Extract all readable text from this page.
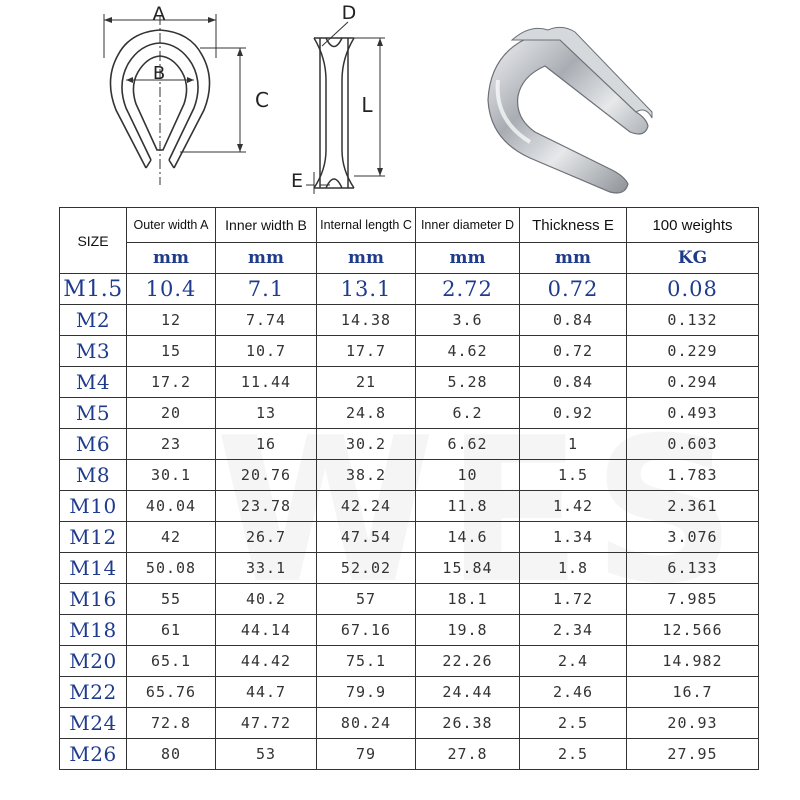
A
B
C
D
L
E
SIZE	Outer width A	Inner width B	Internal length C	Inner diameter D	Thickness E	100 weights
	mm	mm	mm	mm	mm	KG
M1.5	10.4	7.1	13.1	2.72	0.72	0.08
M2	12	7.74	14.38	3.6	0.84	0.132
M3	15	10.7	17.7	4.62	0.72	0.229
M4	17.2	11.44	21	5.28	0.84	0.294
M5	20	13	24.8	6.2	0.92	0.493
M6	23	16	30.2	6.62	1	0.603
M8	30.1	20.76	38.2	10	1.5	1.783
M10	40.04	23.78	42.24	11.8	1.42	2.361
M12	42	26.7	47.54	14.6	1.34	3.076
M14	50.08	33.1	52.02	15.84	1.8	6.133
M16	55	40.2	57	18.1	1.72	7.985
M18	61	44.14	67.16	19.8	2.34	12.566
M20	65.1	44.42	75.1	22.26	2.4	14.982
M22	65.76	44.7	79.9	24.44	2.46	16.7
M24	72.8	47.72	80.24	26.38	2.5	20.93
M26	80	53	79	27.8	2.5	27.95
